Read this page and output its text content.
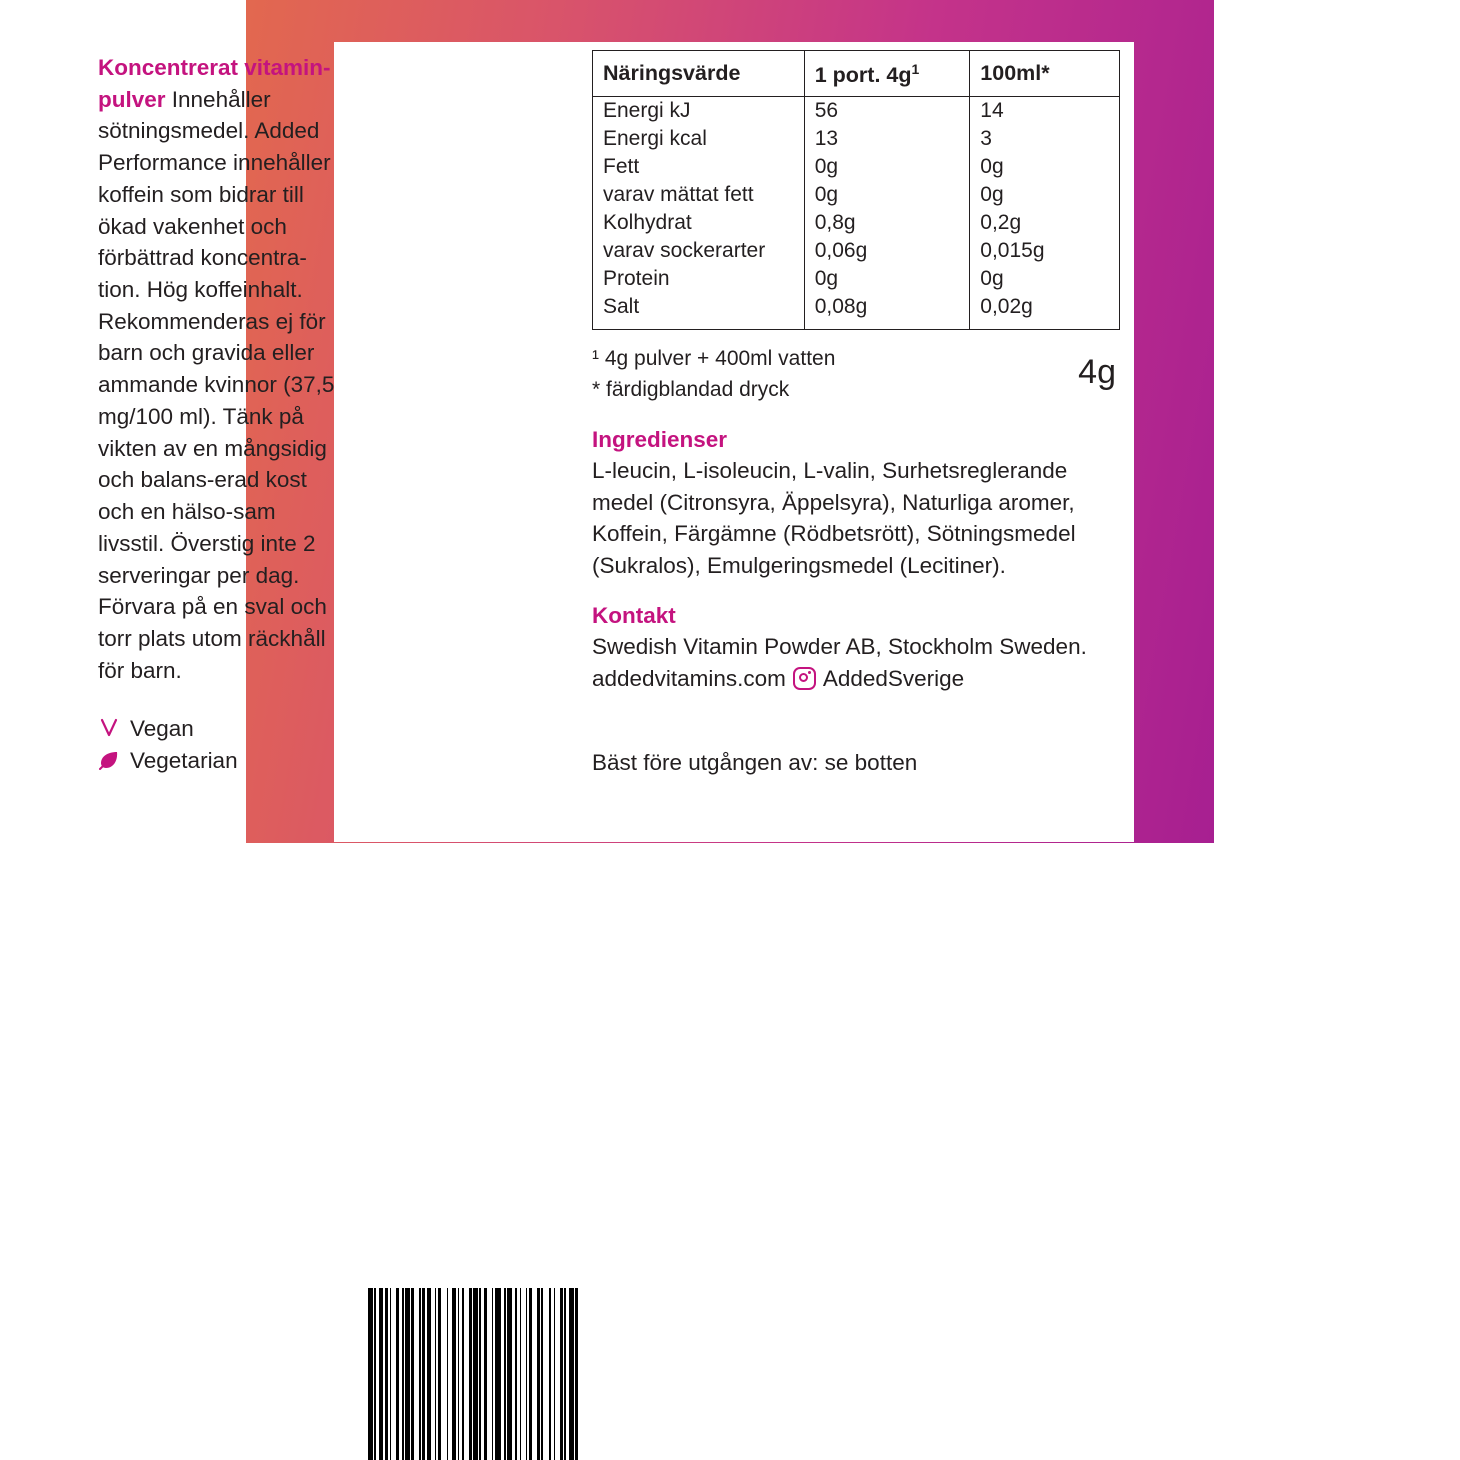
Koncentrerat vitamin-pulver Innehåller sötningsmedel. Added Performance innehåller koffein som bidrar till ökad vakenhet och förbättrad koncentra-tion. Hög koffeinhalt. Rekommenderas ej för barn och gravida eller ammande kvinnor (37,5 mg/100 ml). Tänk på vikten av en mångsidig och balans-erad kost och en hälso-sam livsstil. Överstig inte 2 serveringar per dag. Förvara på en sval och torr plats utom räckhåll för barn.

Vegan
Vegetarian
Näringsvärde	1 port. $4g^1$	100ml*
Energi kJ	56	14
Energi kcal	13	3
Fett	0g	0g
varav mättat fett	0g	0g
Kolhydrat	0,8g	0,2g
varav sockerarter	0,06g	0,015g
Protein	0g	0g
Salt	0,08g	0,02g
¹ 4g pulver + 400ml vatten
* färdigblandad dryck	4g
Ingredienser
L-leucin, L-isoleucin, L-valin, Surhetsreglerande medel (Citronsyra, Äppelsyra), Naturliga aromer, Koffein, Färgämne (Rödbetsrött), Sötningsmedel (Sukralos), Emulgeringsmedel (Lecitiner).
Kontakt
Swedish Vitamin Powder AB, Stockholm Sweden.
addedvitamins.com AddedSverige
Bäst före utgången av: se botten
